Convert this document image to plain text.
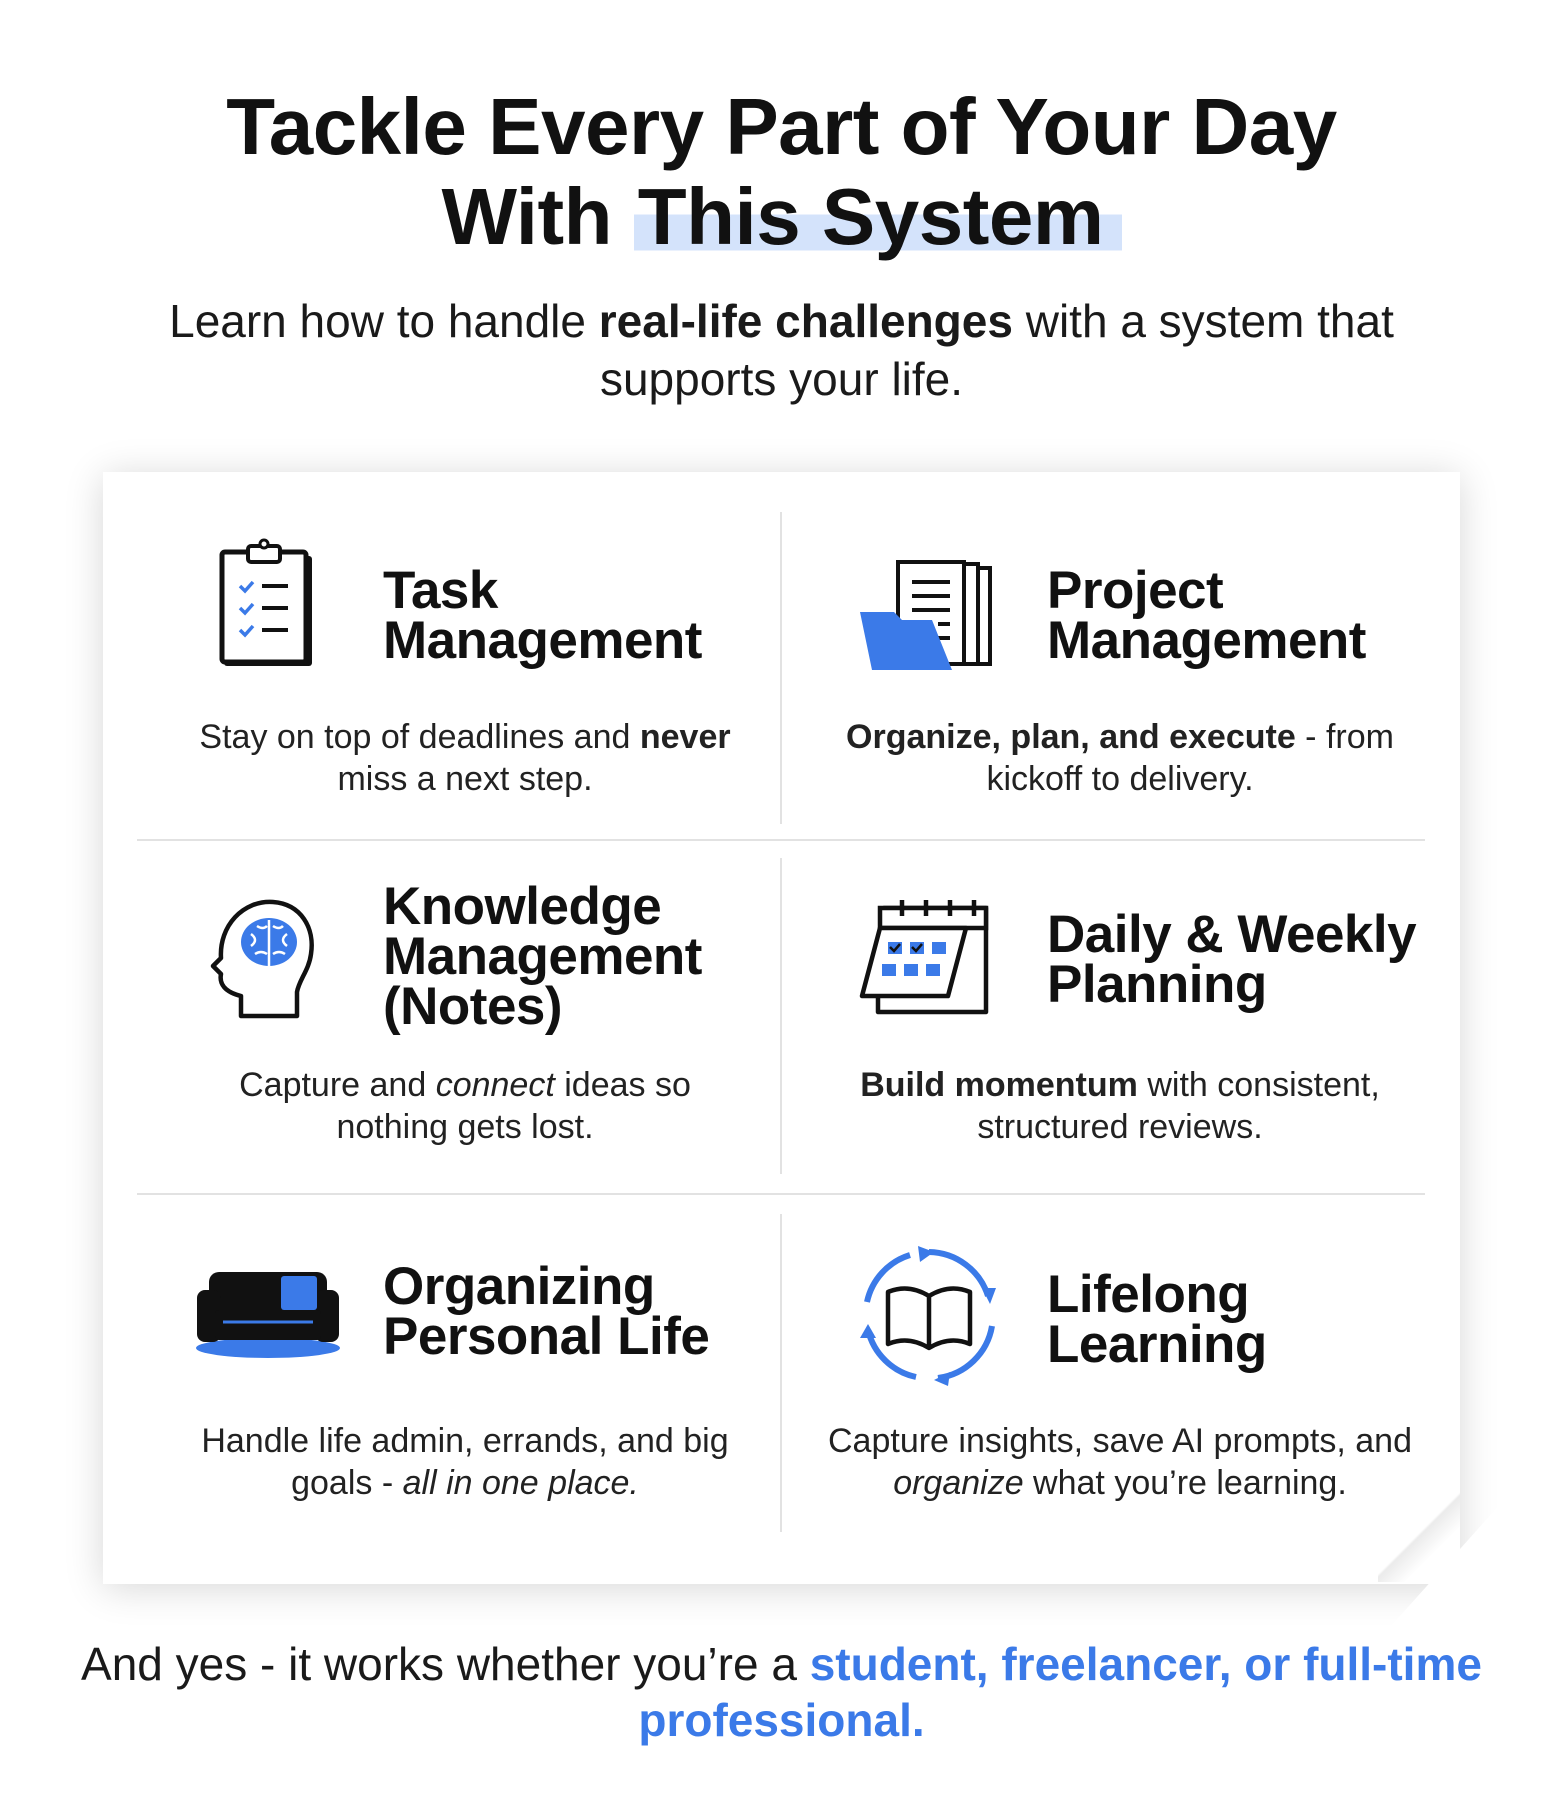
Tackle Every Part of Your Day
With This System
Learn how to handle real-life challenges with a system that supports your life.
Task
Management
Stay on top of deadlines and never miss a next step.
Project
Management
Organize, plan, and execute - from kickoff to delivery.
Knowledge
Management
(Notes)
Capture and connect ideas so nothing gets lost.
Daily & Weekly
Planning
Build momentum with consistent, structured reviews.
Organizing
Personal Life
Handle life admin, errands, and big goals - all in one place.
Lifelong
Learning
Capture insights, save AI prompts, and organize what you’re learning.
And yes - it works whether you’re a student, freelancer, or full-time professional.
